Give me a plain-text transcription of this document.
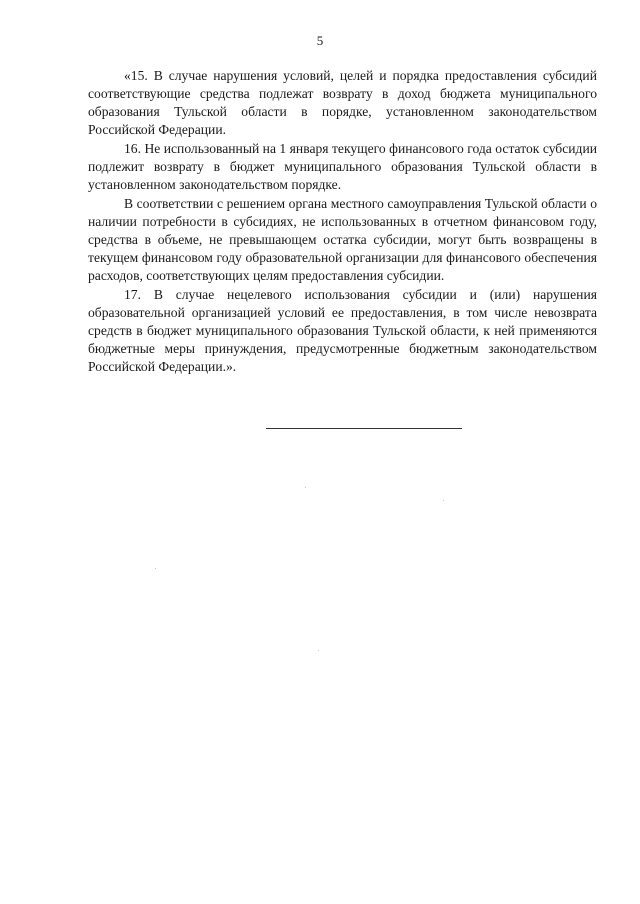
5

«15. В случае нарушения условий, целей и порядка предоставления субсидий соответствующие средства подлежат возврату в доход бюджета муниципального образования Тульской области в порядке, установленном законодательством Российской Федерации.

16. Не использованный на 1 января текущего финансового года остаток субсидии подлежит возврату в бюджет муниципального образования Тульской области в установленном законодательством порядке.

В соответствии с решением органа местного самоуправления Тульской области о наличии потребности в субсидиях, не использованных в отчетном финансовом году, средства в объеме, не превышающем остатка субсидии, могут быть возвращены в текущем финансовом году образовательной организации для финансового обеспечения расходов, соответствующих целям предоставления субсидии.

17. В случае нецелевого использования субсидии и (или) нарушения образовательной организацией условий ее предоставления, в том числе невозврата средств в бюджет муниципального образования Тульской области, к ней применяются бюджетные меры принуждения, предусмотренные бюджетным законодательством Российской Федерации.».
